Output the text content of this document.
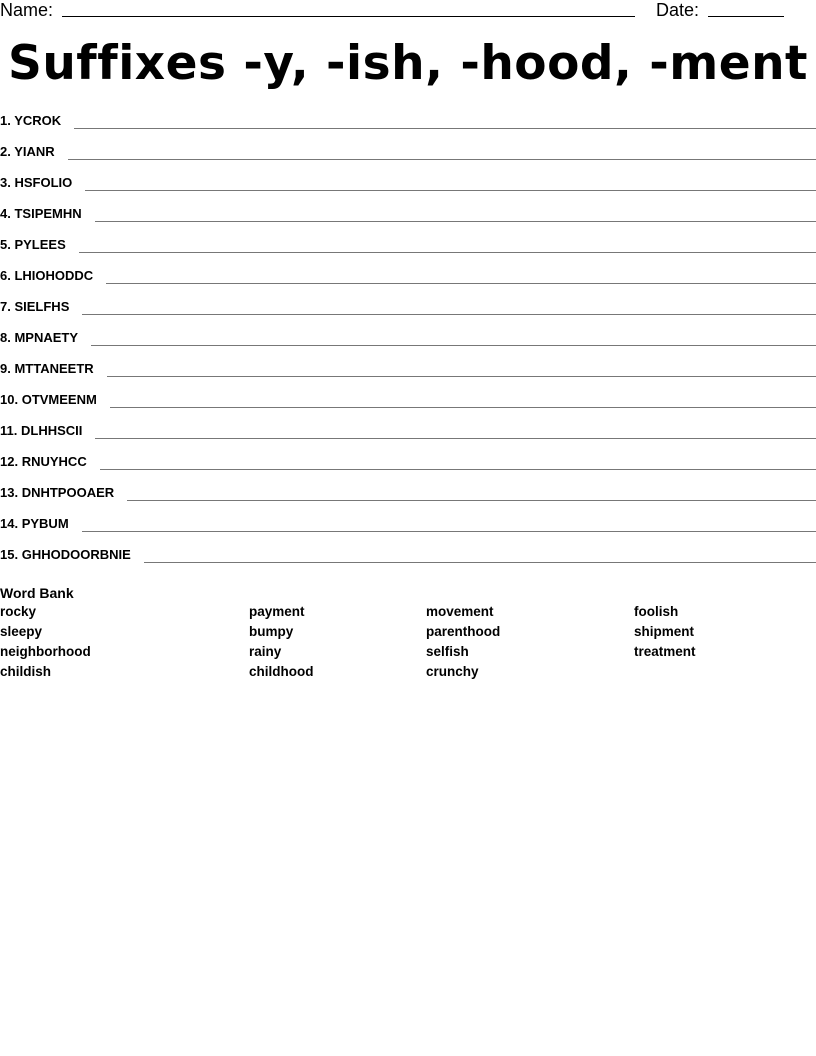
Name:	Date:
Suffixes -y, -ish, -hood, -ment
1. YCROK
2. YIANR
3. HSFOLIO
4. TSIPEMHN
5. PYLEES
6. LHIOHODDC
7. SIELFHS
8. MPNAETY
9. MTTANEETR
10. OTVMEENM
11. DLHHSCII
12. RNUYHCC
13. DNHTPOOAER
14. PYBUM
15. GHHODOORBNIE
Word Bank
rocky
sleepy
neighborhood
childish
payment
bumpy
rainy
childhood
movement
parenthood
selfish
crunchy
foolish
shipment
treatment
